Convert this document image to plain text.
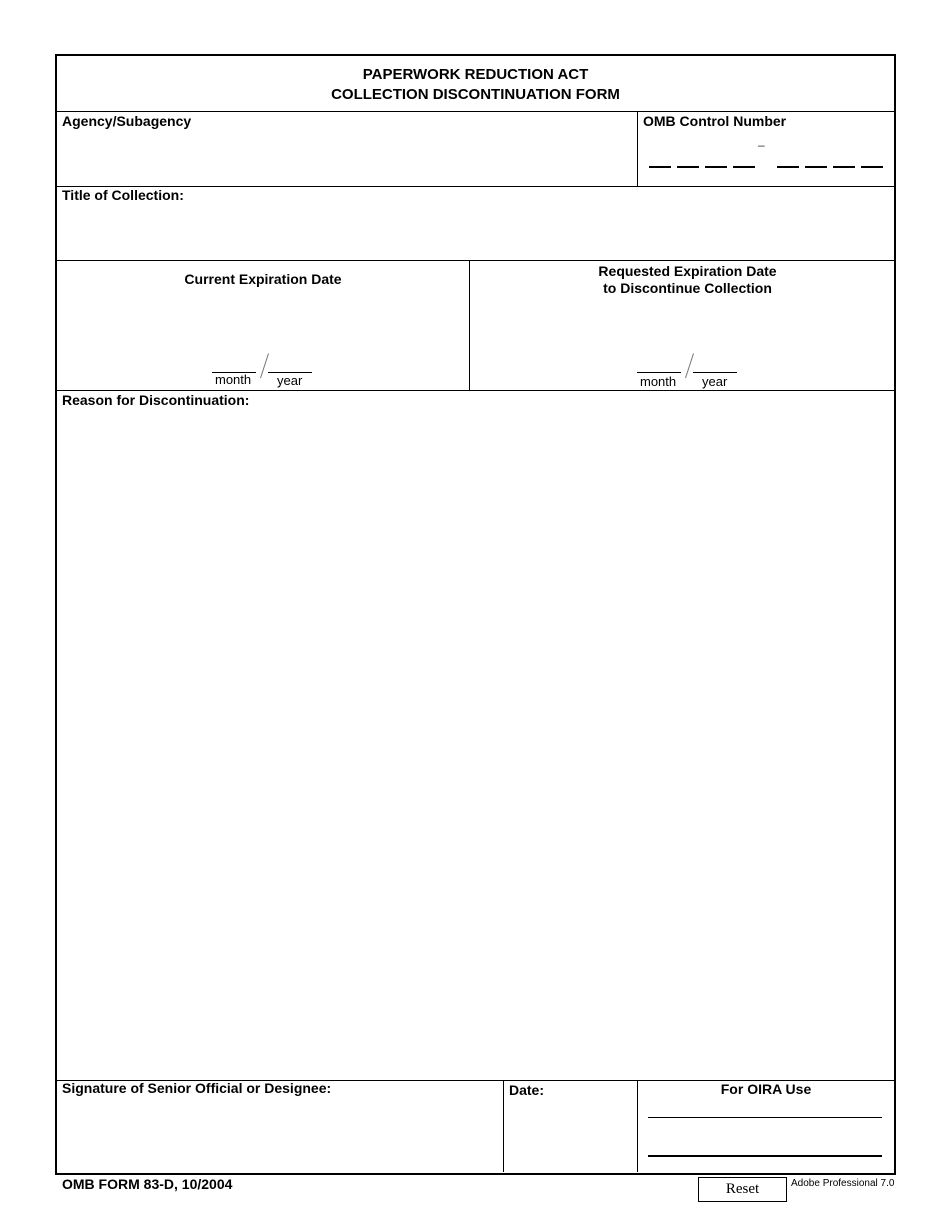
PAPERWORK REDUCTION ACT
COLLECTION DISCONTINUATION FORM
Agency/Subagency	OMB Control Number
–
Title of Collection:
Current Expiration Date
month year
Requested Expiration Date
to Discontinue Collection
month year
Reason for Discontinuation:
Signature of Senior Official or Designee:	Date:	For OIRA Use
OMB FORM 83-D, 10/2004	Reset	Adobe Professional 7.0
